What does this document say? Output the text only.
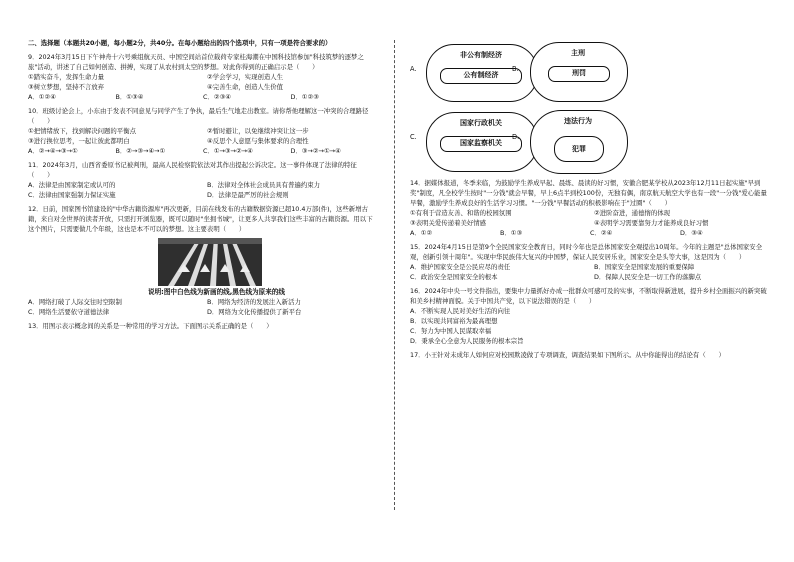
二、选择题（本题共20小题，每小题2分，共40分。在每小题给出的四个选项中，只有一项是符合要求的）

9．2024年3月15日下午神舟十六号乘组航天员、中国空间站首位载荷专家桂海潮在中国科技馆参加"科技筑梦的逐梦之旅"活动，讲述了自己如何创造、拼搏，实现了从农村到太空的梦想。对此你得到的正确启示是（　　）

①踏实奋斗，发挥生命力量	②学会学习，实现创造人生
③树立梦想，坚持不言放弃	④完善生命，创造人生价值
A．①②④	B．①③④	C．②③④	D．①②③

10．班级讨论会上，小东由于发表不同意见与同学产生了争执，最后生气地走出教室。请你帮他理解这一冲突的合理路径（　　）

①把情绪放下，找到解决问题的平衡点	②暂时避让，以免继续冲突让这一步
③进行换位思考，一起让彼此都明白	④反思个人意愿与集体要求的合理性
A．②→④→③→①	B．②→③→④→①	C．①→③→②→④	D．③→②→①→④

11．2024年3月，山西省委原书记被判刑，最高人民检察院依法对其作出提起公诉决定。这一事件体现了法律的特征（　　）

A．法律是由国家制定或认可的	B．法律对全体社会成员具有普遍约束力
C．法律由国家强制力保证实施	D．法律是最严厉的社会规则

12．日前，国家图书馆建设的"中华古籍资源库"再次更新，目前在线发布的古籍数据资源已超10.4万部(件)，这些新增古籍，来自对全世界的读者开放，只需打开浏览器，既可以随时"坐拥书城"，让更多人共享我们这些丰富的古籍资源。用以下这个图片，只需要做几个年级，这也是本不可以的梦想。这主要表明（　　）

说明:图中白色线为新画的线,黑色线为原来的线

A．网络打破了人际交往时空限制	B．网络为经济的发展注入新活力
C．网络生活要依守道德法律	D．网络为文化传播提供了新平台

13．用图示表示概念间的关系是一种常用的学习方法。下面图示关系正确的是（　　）

A.
非公有制经济
公有制经济
B.
主刑
刑罚
C.
国家行政机关
国家监察机关
D.
违法行为
犯罪

14．据媒体报道，冬季来临，为鼓励学生养成早起、晨练、晨读的好习惯，安徽合肥某学校从2023年12月11日起实施"早到奖"制度，凡全校学生按时"一分钱"就会早餐，早上6点半到校100份，无独有偶，南京航天航空大学也有一段"一分钱"爱心能量早餐，激励学生养成良好的生活学习习惯。"一分钱"早餐活动的积极影响在于"过圈"（　　）

①有利于营造友善、和谐的校园氛围	②进阶奋进，通德惰的体现
③表明关爱传递着美好情感	④表明学习需要靠努力才能养成良好习惯
A．①②	B．①③	C．②④	D．③④

15．2024年4月15日是第9个全民国家安全教育日，同时今年也是总体国家安全观提出10周年。今年的主题是"总体国家安全观，创新引领十周年"。实现中华民族伟大复兴的中国梦，保证人民安居乐业，国家安全是头等大事，这是因为（　　）

A．维护国家安全是公民应尽的责任	B．国家安全是国家发展的重要保障
C．政治安全是国家安全的根本	D．保障人民安全是一切工作的落脚点

16．2024年中央一号文件指出，要集中力量抓好办成一批群众可感可及的实事，不断取得新进展，提升乡村全面振兴的新突破和美乡村精神面貌。关于中国共产党，以下说法错误的是（　　）

A．不断实现人民对美好生活的向往

B．以实现共同富裕为最高理想

C．努力为中国人民谋取幸福

D．秉承全心全意为人民服务的根本宗旨

17．小王针对未成年人如何应对校园欺凌做了专项调查，调查结果如下图所示。从中你能得出的结论有（　　）
